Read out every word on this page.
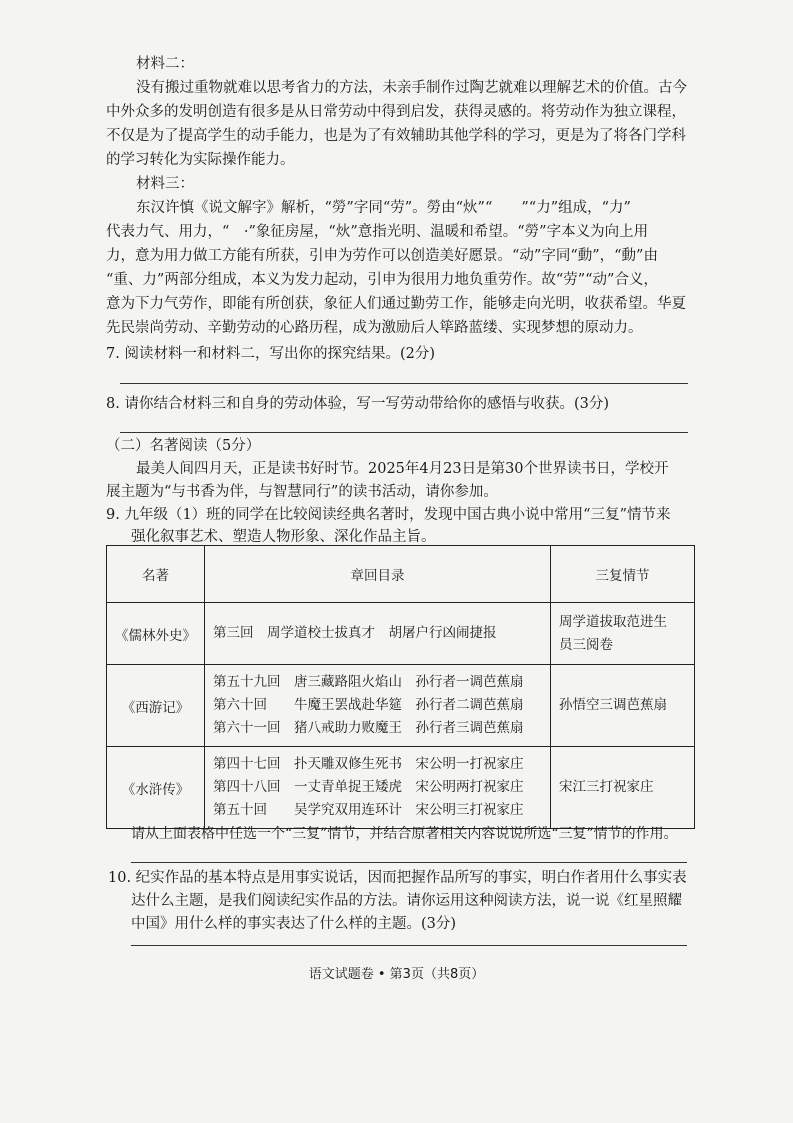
材料二：
没有搬过重物就难以思考省力的方法，未亲手制作过陶艺就难以理解艺术的价值。古今
中外众多的发明创造有很多是从日常劳动中得到启发，获得灵感的。将劳动作为独立课程，
不仅是为了提高学生的动手能力，也是为了有效辅助其他学科的学习，更是为了将各门学科
的学习转化为实际操作能力。
材料三：
东汉许慎《说文解字》解析，“勞”字同“劳”。勞由“炏”“　　”“力”组成，“力”
代表力气、用力，“　·”象征房屋，“炏”意指光明、温暖和希望。“勞”字本义为向上用
力，意为用力做工方能有所获，引申为劳作可以创造美好愿景。“动”字同“動”，“動”由
“重、力”两部分组成，本义为发力起动，引申为很用力地负重劳作。故“劳”“动”合义，
意为下力气劳作，即能有所创获，象征人们通过勤劳工作，能够走向光明，收获希望。华夏
先民崇尚劳动、辛勤劳动的心路历程，成为激励后人筚路蓝缕、实现梦想的原动力。
7. 阅读材料一和材料二，写出你的探究结果。(2分)
8. 请你结合材料三和自身的劳动体验，写一写劳动带给你的感悟与收获。(3分)
（二）名著阅读（5分）
最美人间四月天，正是读书好时节。2025年4月23日是第30个世界读书日，学校开
展主题为“与书香为伴，与智慧同行”的读书活动，请你参加。
9. 九年级（1）班的同学在比较阅读经典名著时，发现中国古典小说中常用“三复”情节来
强化叙事艺术、塑造人物形象、深化作品主旨。
名著	章回目录	三复情节
《儒林外史》	第三回　周学道校士拔真才　胡屠户行凶闹捷报	周学道拔取范进生
员三阅卷

《西游记》	第五十九回　唐三藏路阻火焰山　孙行者一调芭蕉扇
第六十回　　牛魔王罢战赴华筵　孙行者二调芭蕉扇
第六十一回　猪八戒助力败魔王　孙行者三调芭蕉扇	孙悟空三调芭蕉扇

《水浒传》	第四十七回　扑天雕双修生死书　宋公明一打祝家庄
第四十八回　一丈青单捉王矮虎　宋公明两打祝家庄
第五十回　　吴学究双用连环计　宋公明三打祝家庄	宋江三打祝家庄
请从上面表格中任选一个“三复”情节，并结合原著相关内容说说所选“三复”情节的作用。
10. 纪实作品的基本特点是用事实说话，因而把握作品所写的事实，明白作者用什么事实表
达什么主题，是我们阅读纪实作品的方法。请你运用这种阅读方法，说一说《红星照耀
中国》用什么样的事实表达了什么样的主题。(3分)
语文试题卷 • 第3页（共8页）
